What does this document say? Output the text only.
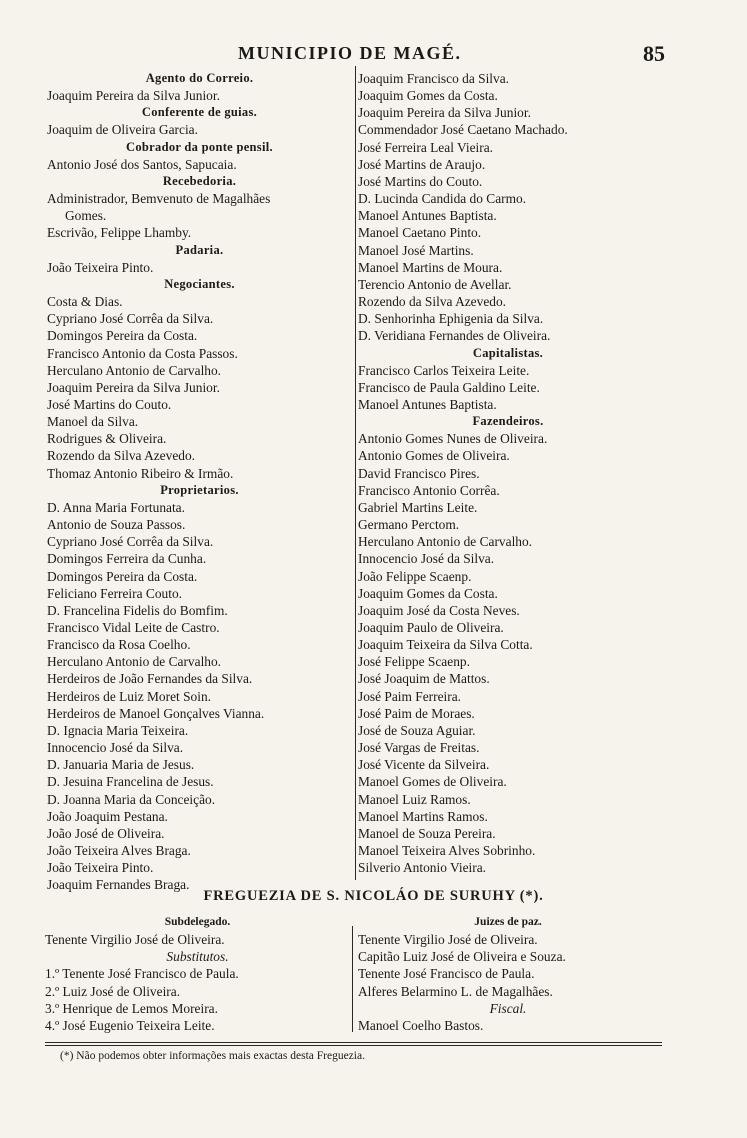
MUNICIPIO DE MAGÉ.	85
Agento do Correio.
Joaquim Pereira da Silva Junior.
Conferente de guias.
Joaquim de Oliveira Garcia.
Cobrador da ponte pensil.
Antonio José dos Santos, Sapucaia.
Recebedoria.
Administrador, Bemvenuto de Magalhães
Gomes.
Escrivão, Felippe Lhamby.
Padaria.
João Teixeira Pinto.
Negociantes.
Costa & Dias.
Cypriano José Corrêa da Silva.
Domingos Pereira da Costa.
Francisco Antonio da Costa Passos.
Herculano Antonio de Carvalho.
Joaquim Pereira da Silva Junior.
José Martins do Couto.
Manoel da Silva.
Rodrigues & Oliveira.
Rozendo da Silva Azevedo.
Thomaz Antonio Ribeiro & Irmão.
Proprietarios.
D. Anna Maria Fortunata.
Antonio de Souza Passos.
Cypriano José Corrêa da Silva.
Domingos Ferreira da Cunha.
Domingos Pereira da Costa.
Feliciano Ferreira Couto.
D. Francelina Fidelis do Bomfim.
Francisco Vidal Leite de Castro.
Francisco da Rosa Coelho.
Herculano Antonio de Carvalho.
Herdeiros de João Fernandes da Silva.
Herdeiros de Luiz Moret Soin.
Herdeiros de Manoel Gonçalves Vianna.
D. Ignacia Maria Teixeira.
Innocencio José da Silva.
D. Januaria Maria de Jesus.
D. Jesuina Francelina de Jesus.
D. Joanna Maria da Conceição.
João Joaquim Pestana.
João José de Oliveira.
João Teixeira Alves Braga.
João Teixeira Pinto.
Joaquim Fernandes Braga.
Joaquim Francisco da Silva.
Joaquim Gomes da Costa.
Joaquim Pereira da Silva Junior.
Commendador José Caetano Machado.
José Ferreira Leal Vieira.
José Martins de Araujo.
José Martins do Couto.
D. Lucinda Candida do Carmo.
Manoel Antunes Baptista.
Manoel Caetano Pinto.
Manoel José Martins.
Manoel Martins de Moura.
Terencio Antonio de Avellar.
Rozendo da Silva Azevedo.
D. Senhorinha Ephigenia da Silva.
D. Veridiana Fernandes de Oliveira.
Capitalistas.
Francisco Carlos Teixeira Leite.
Francisco de Paula Galdino Leite.
Manoel Antunes Baptista.
Fazendeiros.
Antonio Gomes Nunes de Oliveira.
Antonio Gomes de Oliveira.
David Francisco Pires.
Francisco Antonio Corrêa.
Gabriel Martins Leite.
Germano Perctom.
Herculano Antonio de Carvalho.
Innocencio José da Silva.
João Felippe Scaenp.
Joaquim Gomes da Costa.
Joaquim José da Costa Neves.
Joaquim Paulo de Oliveira.
Joaquim Teixeira da Silva Cotta.
José Felippe Scaenp.
José Joaquim de Mattos.
José Paim Ferreira.
José Paim de Moraes.
José de Souza Aguiar.
José Vargas de Freitas.
José Vicente da Silveira.
Manoel Gomes de Oliveira.
Manoel Luiz Ramos.
Manoel Martins Ramos.
Manoel de Souza Pereira.
Manoel Teixeira Alves Sobrinho.
Silverio Antonio Vieira.
FREGUEZIA DE S. NICOLÁO DE SURUHY (*).
Subdelegado.
Tenente Virgilio José de Oliveira.
Substitutos.
1.º Tenente José Francisco de Paula.
2.º Luiz José de Oliveira.
3.º Henrique de Lemos Moreira.
4.º José Eugenio Teixeira Leite.
Juizes de paz.
Tenente Virgilio José de Oliveira.
Capitão Luiz José de Oliveira e Souza.
Tenente José Francisco de Paula.
Alferes Belarmino L. de Magalhães.
Fiscal.
Manoel Coelho Bastos.
(*) Não podemos obter informações mais exactas desta Freguezia.
